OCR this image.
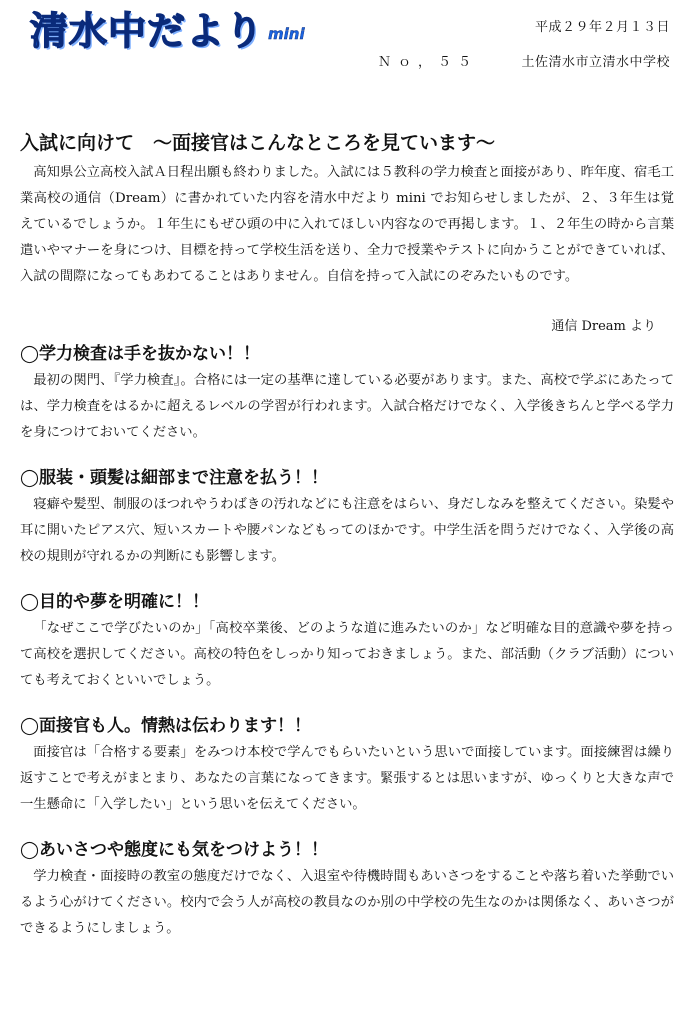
清水中だより mini	平成２９年２月１３日
Ｎｏ，５５	土佐清水市立清水中学校
入試に向けて　～面接官はこんなところを見ています～

高知県公立高校入試Ａ日程出願も終わりました。入試には５教科の学力検査と面接があり、昨年度、宿毛工業高校の通信（Dream）に書かれていた内容を清水中だより mini でお知らせしましたが、２、３年生は覚えているでしょうか。１年生にもぜひ頭の中に入れてほしい内容なので再掲します。１、２年生の時から言葉遣いやマナーを身につけ、目標を持って学校生活を送り、全力で授業やテストに向かうことができていれば、入試の間際になってもあわてることはありません。自信を持って入試にのぞみたいものです。

通信 Dream より
◯学力検査は手を抜かない！！

最初の関門、『学力検査』。合格には一定の基準に達している必要があります。また、高校で学ぶにあたっては、学力検査をはるかに超えるレベルの学習が行われます。入試合格だけでなく、入学後きちんと学べる学力を身につけておいてください。

◯服装・頭髪は細部まで注意を払う！！

寝癖や髪型、制服のほつれやうわばきの汚れなどにも注意をはらい、身だしなみを整えてください。染髪や耳に開いたピアス穴、短いスカートや腰パンなどもってのほかです。中学生活を問うだけでなく、入学後の高校の規則が守れるかの判断にも影響します。

◯目的や夢を明確に！！

「なぜここで学びたいのか」「高校卒業後、どのような道に進みたいのか」など明確な目的意識や夢を持って高校を選択してください。高校の特色をしっかり知っておきましょう。また、部活動（クラブ活動）についても考えておくといいでしょう。

◯面接官も人。情熱は伝わります！！

面接官は「合格する要素」をみつけ本校で学んでもらいたいという思いで面接しています。面接練習は繰り返すことで考えがまとまり、あなたの言葉になってきます。緊張するとは思いますが、ゆっくりと大きな声で一生懸命に「入学したい」という思いを伝えてください。

◯あいさつや態度にも気をつけよう！！

学力検査・面接時の教室の態度だけでなく、入退室や待機時間もあいさつをすることや落ち着いた挙動でいるよう心がけてください。校内で会う人が高校の教員なのか別の中学校の先生なのかは関係なく、あいさつができるようにしましょう。
